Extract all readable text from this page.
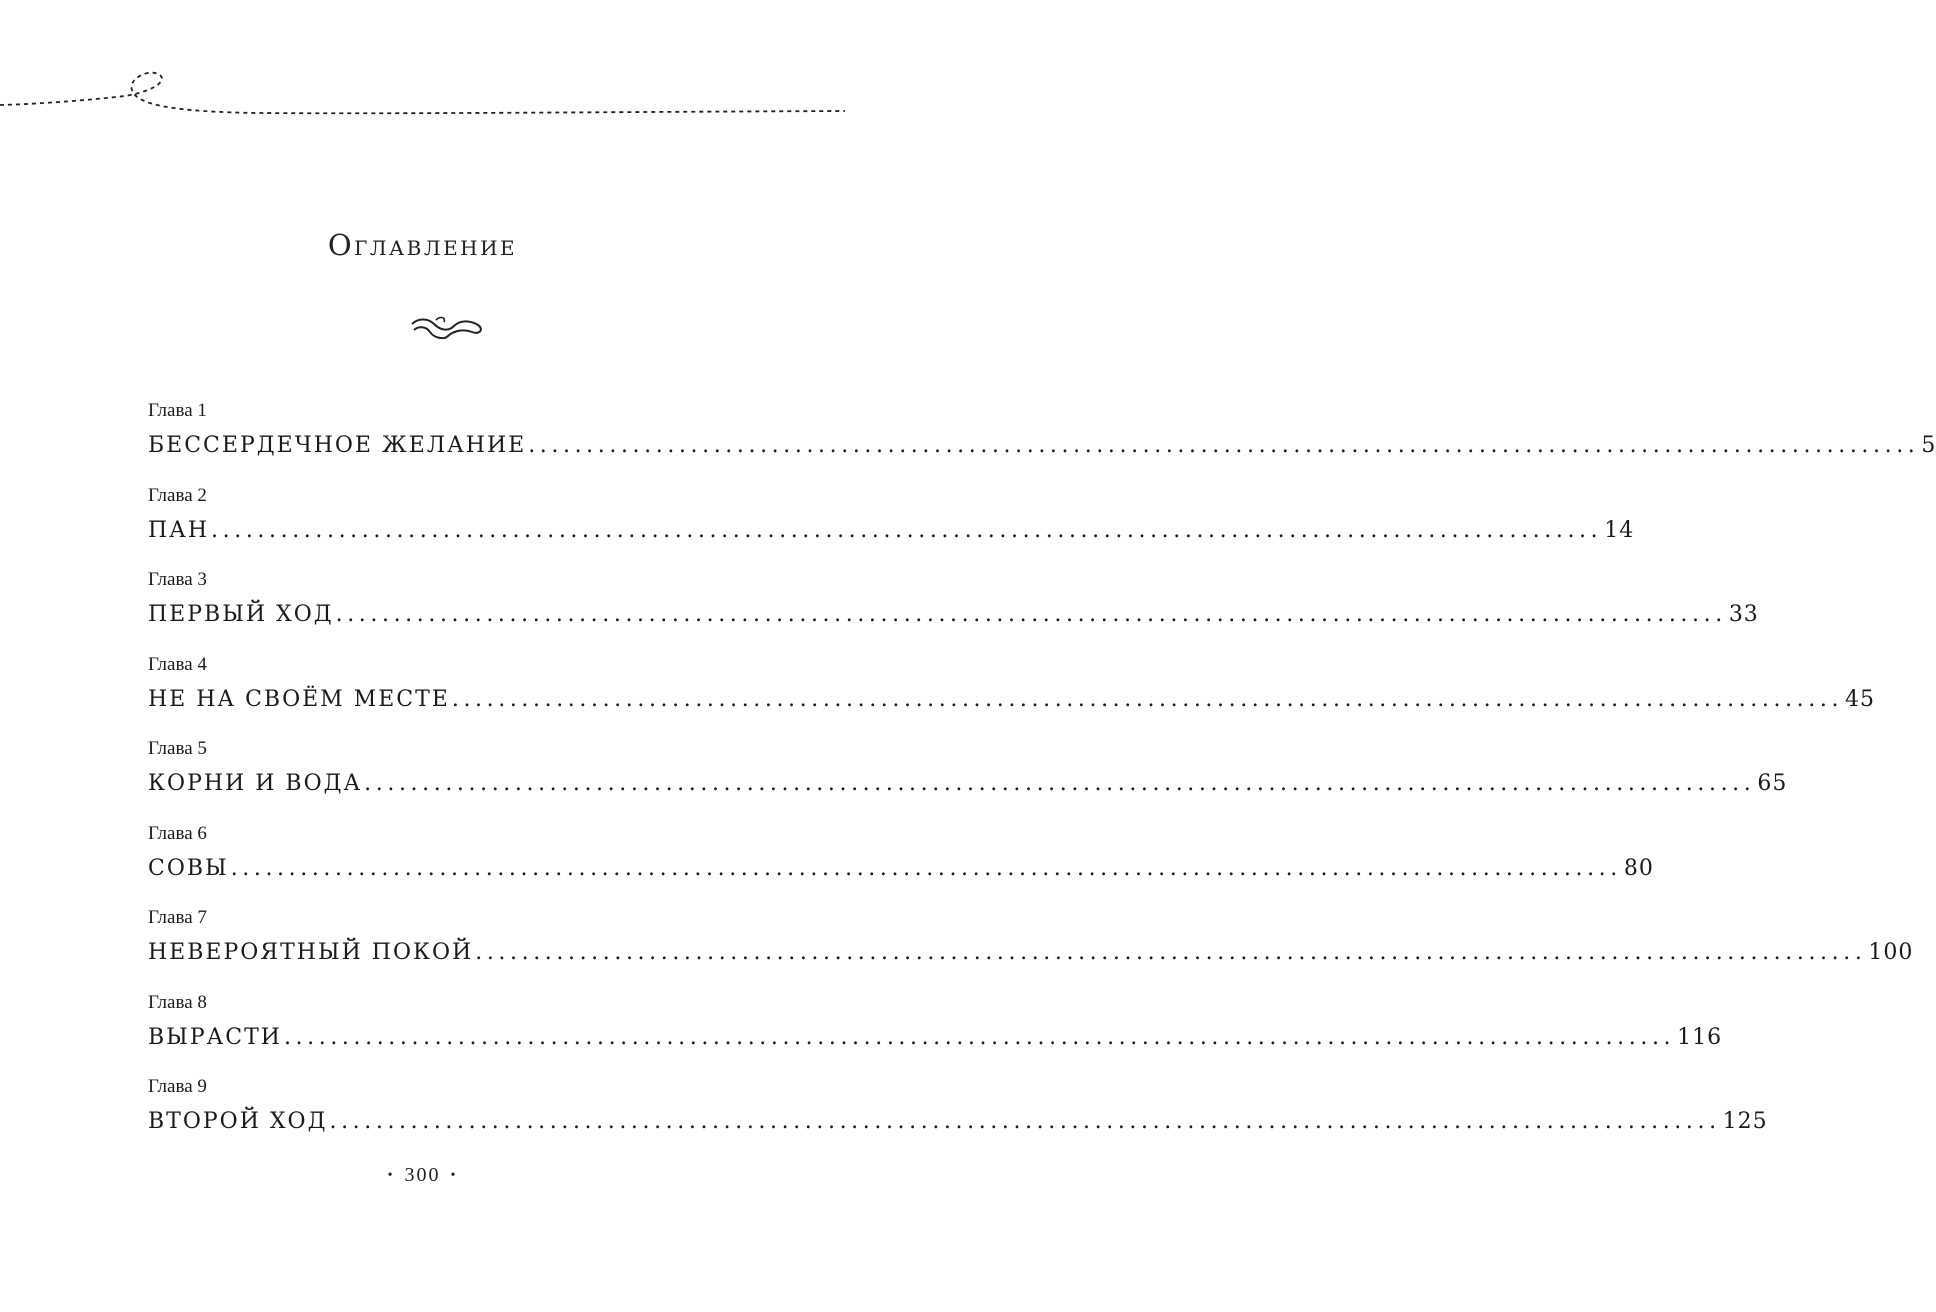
Оглавление
Глава 1
БЕССЕРДЕЧНОЕ ЖЕЛАНИЕ ........................................................................................................................ 5
Глава 2
ПАН ........................................................................................................................ 14
Глава 3
ПЕРВЫЙ ХОД ........................................................................................................................ 33
Глава 4
НЕ НА СВОЁМ МЕСТЕ ........................................................................................................................ 45
Глава 5
КОРНИ И ВОДА ........................................................................................................................ 65
Глава 6
СОВЫ ........................................................................................................................ 80
Глава 7
НЕВЕРОЯТНЫЙ ПОКОЙ ........................................................................................................................ 100
Глава 8
ВЫРАСТИ ........................................................................................................................ 116
Глава 9
ВТОРОЙ ХОД ........................................................................................................................ 125
• 300 •
